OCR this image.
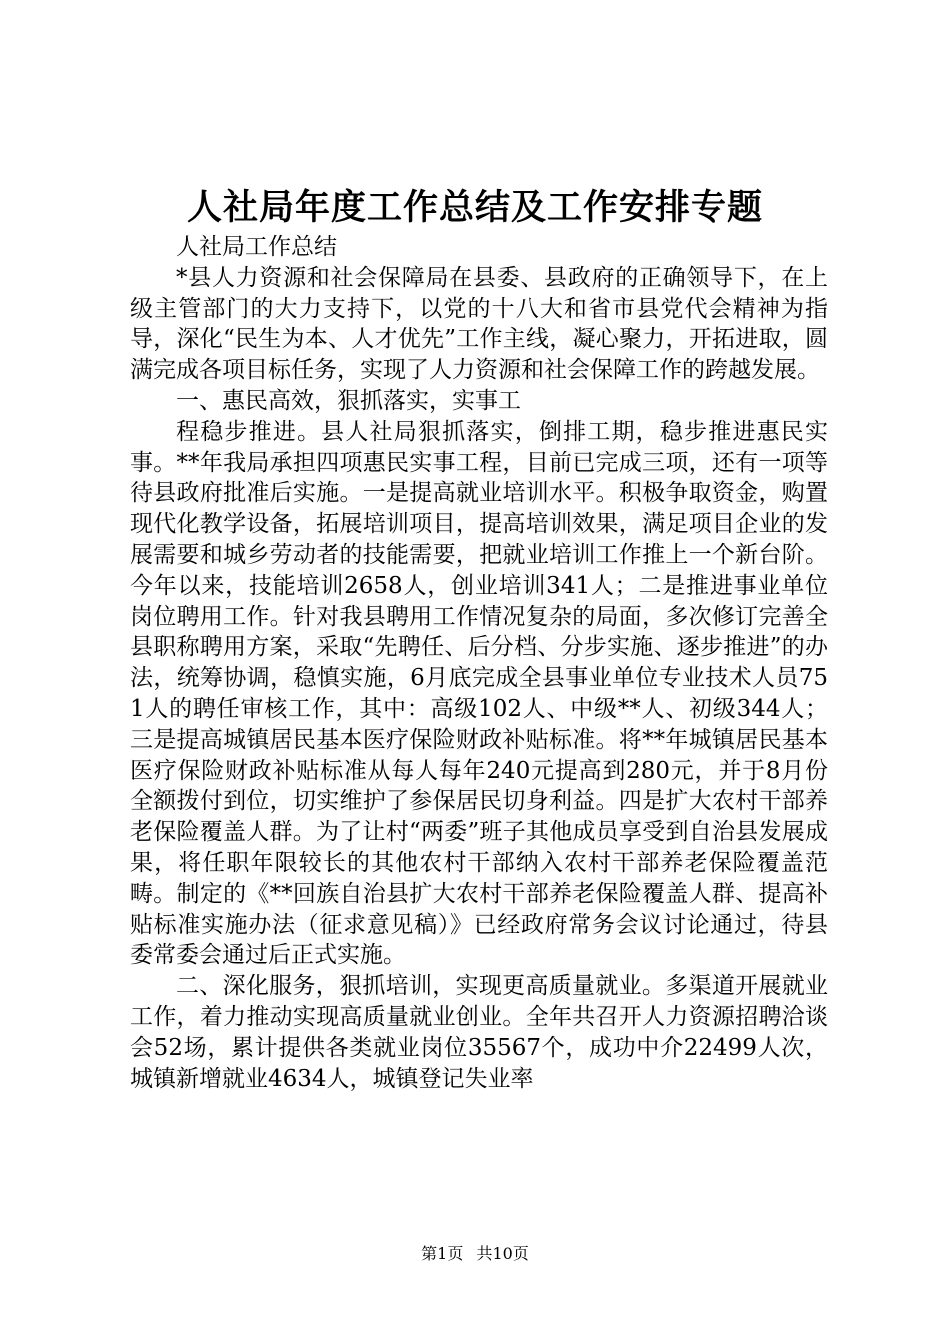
人社局年度工作总结及工作安排专题

人社局工作总结

*县人力资源和社会保障局在县委、县政府的正确领导下，在上级主管部门的大力支持下，以党的十八大和省市县党代会精神为指导，深化“民生为本、人才优先”工作主线，凝心聚力，开拓进取，圆满完成各项目标任务，实现了人力资源和社会保障工作的跨越发展。

一、惠民高效，狠抓落实，实事工

程稳步推进。县人社局狠抓落实，倒排工期，稳步推进惠民实事。**年我局承担四项惠民实事工程，目前已完成三项，还有一项等待县政府批准后实施。一是提高就业培训水平。积极争取资金，购置现代化教学设备，拓展培训项目，提高培训效果，满足项目企业的发展需要和城乡劳动者的技能需要，把就业培训工作推上一个新台阶。今年以来，技能培训2658人，创业培训341人；二是推进事业单位岗位聘用工作。针对我县聘用工作情况复杂的局面，多次修订完善全县职称聘用方案，采取“先聘任、后分档、分步实施、逐步推进”的办法，统筹协调，稳慎实施，6月底完成全县事业单位专业技术人员751人的聘任审核工作，其中：高级102人、中级**人、初级344人；三是提高城镇居民基本医疗保险财政补贴标准。将**年城镇居民基本医疗保险财政补贴标准从每人每年240元提高到280元，并于8月份全额拨付到位，切实维护了参保居民切身利益。四是扩大农村干部养老保险覆盖人群。为了让村“两委”班子其他成员享受到自治县发展成果，将任职年限较长的其他农村干部纳入农村干部养老保险覆盖范畴。制定的《**回族自治县扩大农村干部养老保险覆盖人群、提高补贴标准实施办法（征求意见稿）》已经政府常务会议讨论通过，待县委常委会通过后正式实施。

二、深化服务，狠抓培训，实现更高质量就业。多渠道开展就业工作，着力推动实现高质量就业创业。全年共召开人力资源招聘洽谈会52场，累计提供各类就业岗位35567个，成功中介22499人次，城镇新增就业4634人，城镇登记失业率

第1页 共10页
